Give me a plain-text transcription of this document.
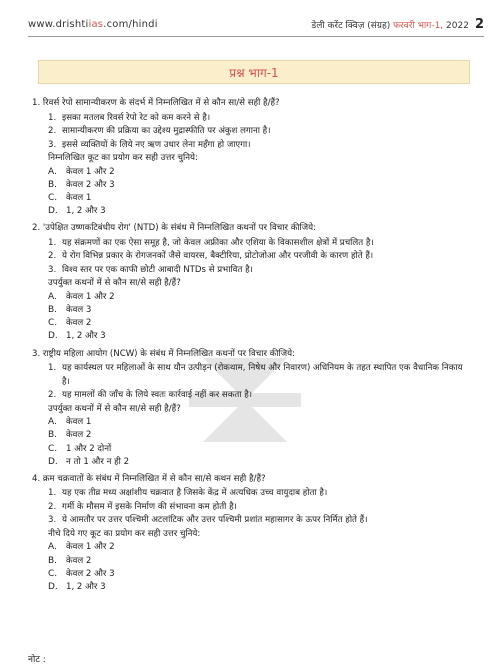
www.drishtiias.com/hindi	डेली करेंट क्विज़ (संग्रह) फरवरी भाग-1, 2022 2
प्रश्न भाग-1
1. रिवर्स रेपो सामान्यीकरण के संदर्भ में निम्नलिखित में से कौन सा/से सही है/हैं?
1. इसका मतलब रिवर्स रेपो रेट को कम करने से है।
2. सामान्यीकरण की प्रक्रिया का उद्देश्य मुद्रास्फीति पर अंकुश लगाना है।
3. इससे व्यक्तियों के लिये नए ऋण उधार लेना महँगा हो जाएगा।
निम्नलिखित कूट का प्रयोग कर सही उत्तर चुनिये:
A.	केवल 1 और 2
B.	केवल 2 और 3
C.	केवल 1
D. 1, 2 और 3
2. 'उपेक्षित उष्णकटिबंधीय रोग' (NTD) के संबंध में निम्नलिखित कथनों पर विचार कीजिये:
1. यह संक्रमणों का एक ऐसा समूह है, जो केवल अफ्रीका और एशिया के विकासशील क्षेत्रों में प्रचलित है।
2. ये रोग विभिन्न प्रकार के रोगजनकों जैसे वायरस, बैक्टीरिया, प्रोटोजोआ और परजीवी के कारण होते हैं।
3. विश्व स्तर पर एक काफी छोटी आबादी NTDs से प्रभावित है।
उपर्युक्त कथनों में से कौन सा/से सही है/हैं?
A.	केवल 1 और 2
B.	केवल 3
C.	केवल 2
D. 1, 2 और 3
3. राष्ट्रीय महिला आयोग (NCW) के संबंध में निम्नलिखित कथनों पर विचार कीजिये:
1. यह कार्यस्थल पर महिलाओं के साथ यौन उत्पीड़न (रोकथाम, निषेध और निवारण) अधिनियम के तहत स्थापित एक वैधानिक निकाय है।
2. यह मामलों की जाँच के लिये स्वतः कार्रवाई नहीं कर सकता है।
उपर्युक्त कथनों में से कौन सा/से सही है/हैं?
A.	केवल 1
B.	केवल 2
C.	1 और 2 दोनों
D. न तो 1 और न ही 2
4. क्रम चक्रवातों के संबंध में निम्नलिखित में से कौन सा/से कथन सही है/हैं?
1. यह एक तीव्र मध्य अक्षांशीय चक्रवात है जिसके केंद्र में अत्यधिक उच्च वायुदाब होता है।
2. गर्मी के मौसम में इसके निर्माण की संभावना कम होती है।
3. ये आमतौर पर उत्तर पश्चिमी अटलांटिक और उत्तर पश्चिमी प्रशांत महासागर के ऊपर निर्मित होते हैं।
नीचे दिये गए कूट का प्रयोग कर सही उत्तर चुनिये:
A.	केवल 1 और 2
B.	केवल 2
C.	केवल 2 और 3
D. 1, 2 और 3
नोट :
